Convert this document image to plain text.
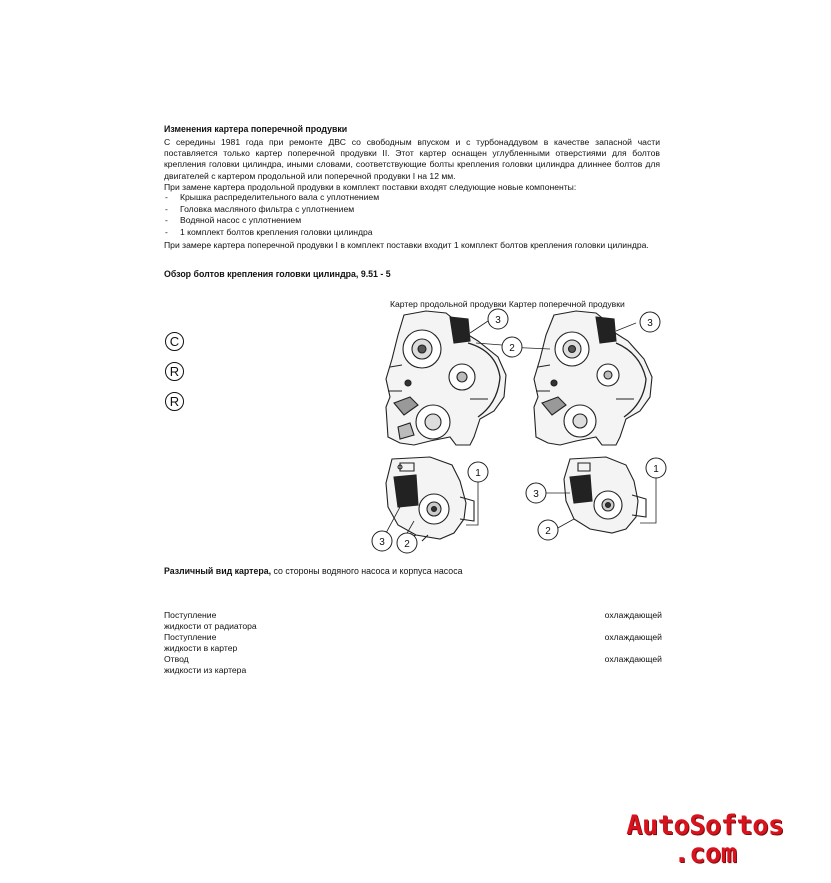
Изменения картера поперечной продувки
С середины 1981 года при ремонте ДВС со свободным впуском и с турбонаддувом в качестве запасной части поставляется только картер поперечной продувки II. Этот картер оснащен углубленными отверстиями для болтов крепления головки цилиндра, иными словами, соответствующие болты крепления головки цилиндра длиннее болтов для двигателей с картером продольной или поперечной продувки I на 12 мм.
При замене картера продольной продувки в комплект поставки входят следующие новые компоненты:
- Крышка распределительного вала с уплотнением
- Головка масляного фильтра с уплотнением
- Водяной насос с уплотнением
- 1 комплект болтов крепления головки цилиндра
При замере картера поперечной продувки I в комплект поставки входит 1 комплект болтов крепления головки цилиндра.
Обзор болтов крепления головки цилиндра, 9.51 - 5
C
R
R
Картер продольной продувки Картер поперечной продувки
3
2
3
1
3 2
1
3
2
Различный вид картера, со стороны водяного насоса и корпуса насоса
Поступление
жидкости от радиатора
охлаждающей
Поступление
жидкости в картер
охлаждающей
Отвод
жидкости из картера
охлаждающей
AutoSoftos
.com
